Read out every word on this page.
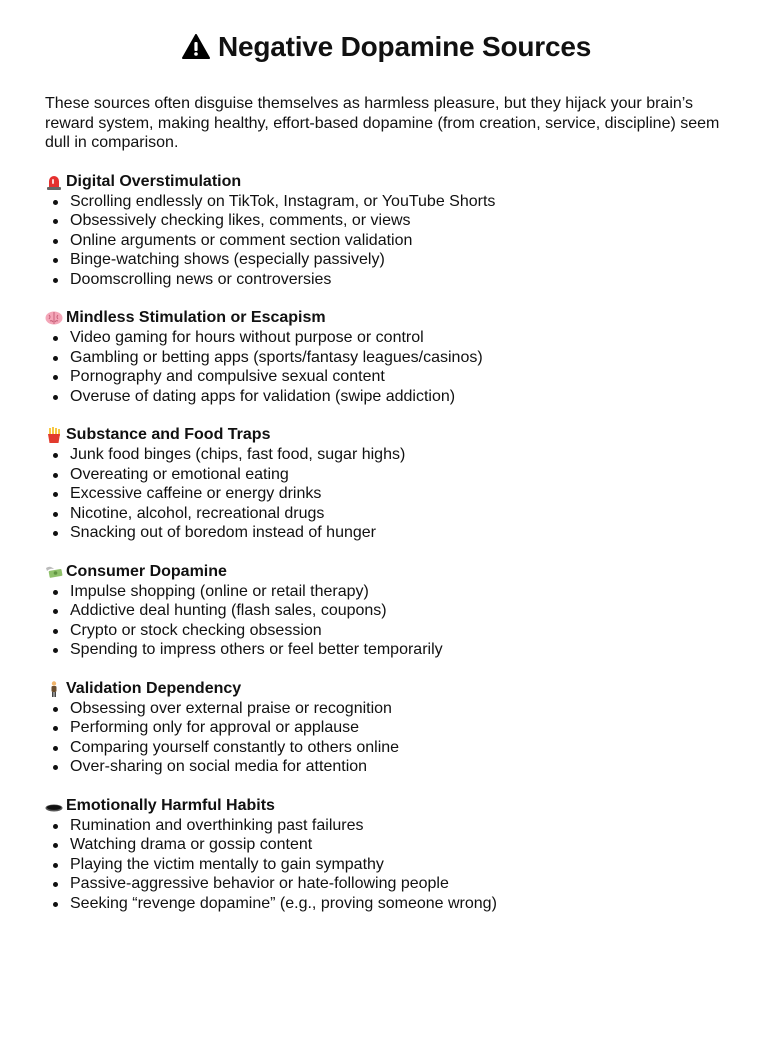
Negative Dopamine Sources
These sources often disguise themselves as harmless pleasure, but they hijack your brain’s reward system, making healthy, effort-based dopamine (from creation, service, discipline) seem dull in comparison.
Digital Overstimulation
Scrolling endlessly on TikTok, Instagram, or YouTube Shorts
Obsessively checking likes, comments, or views
Online arguments or comment section validation
Binge-watching shows (especially passively)
Doomscrolling news or controversies
Mindless Stimulation or Escapism
Video gaming for hours without purpose or control
Gambling or betting apps (sports/fantasy leagues/casinos)
Pornography and compulsive sexual content
Overuse of dating apps for validation (swipe addiction)
Substance and Food Traps
Junk food binges (chips, fast food, sugar highs)
Overeating or emotional eating
Excessive caffeine or energy drinks
Nicotine, alcohol, recreational drugs
Snacking out of boredom instead of hunger
Consumer Dopamine
Impulse shopping (online or retail therapy)
Addictive deal hunting (flash sales, coupons)
Crypto or stock checking obsession
Spending to impress others or feel better temporarily
Validation Dependency
Obsessing over external praise or recognition
Performing only for approval or applause
Comparing yourself constantly to others online
Over-sharing on social media for attention
Emotionally Harmful Habits
Rumination and overthinking past failures
Watching drama or gossip content
Playing the victim mentally to gain sympathy
Passive-aggressive behavior or hate-following people
Seeking “revenge dopamine” (e.g., proving someone wrong)
